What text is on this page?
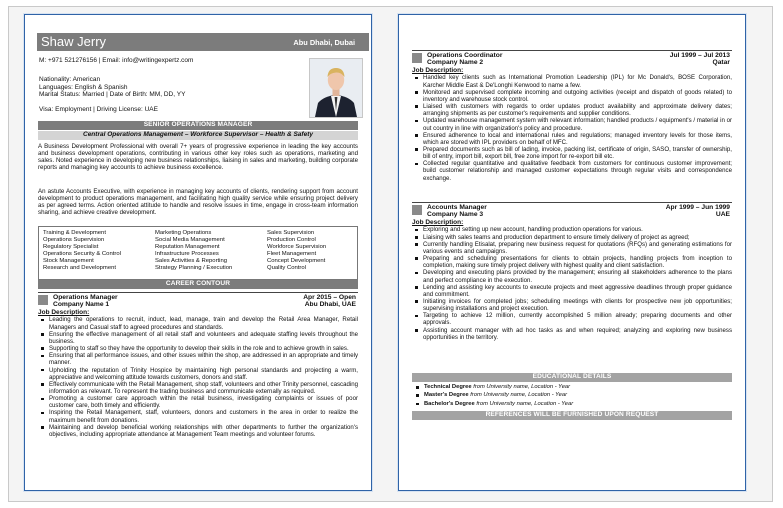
Shaw Jerry	Abu Dhabi, Dubai
M: +971 521276156 | Email: info@writingexpertz.com
Nationality: American
Languages: English & Spanish
Marital Status: Married | Date of Birth: MM, DD, YY
Visa: Employment | Driving License: UAE
SENIOR OPERATIONS MANAGER
Central Operations Management – Workforce Supervisor – Health & Safety
A Business Development Professional with overall 7+ years of progressive experience in leading the key accounts and business development operations, contributing in various other key roles such as operations, marketing and sales. Noted experience in developing new business relationships, liaising in sales and marketing, building corporate reports and managing key accounts to achieve business excellence.
An astute Accounts Executive, with experience in managing key accounts of clients, rendering support from account development to product operations management, and facilitating high quality service while ensuring project delivery as per agreed terms. Action oriented attitude to handle and resolve issues in time, engage in cross-team information sharing, and achieve creative development.
Training & Development
Operations Supervision
Regulatory Specialist
Operations Security & Control
Stock Management
Research and Development
Marketing Operations
Social Media Management
Reputation Management
Infrastructure Processes
Sales Activities & Reporting
Strategy Planning / Execution
Sales Supervision
Production Control
Workforce Supervision
Fleet Management
Concept Development
Quality Control
CAREER CONTOUR
Operations Manager
Company Name 1
Apr 2015 – Open
Abu Dhabi, UAE
Job Description:
Leading the operations to recruit, induct, lead, manage, train and develop the Retail Area Manager, Retail Managers and Casual staff to agreed procedures and standards.
Ensuring the effective management of all retail staff and volunteers and adequate staffing levels throughout the business.
Supporting to staff so they have the opportunity to develop their skills in the role and to achieve growth in sales.
Ensuring that all performance issues, and other issues within the shop, are addressed in an appropriate and timely manner.
Upholding the reputation of Trinity Hospice by maintaining high personal standards and projecting a warm, appreciative and welcoming attitude towards customers, donors and staff.
Effectively communicate with the Retail Management, shop staff, volunteers and other Trinity personnel, cascading information as relevant. To represent the trading business and communicate externally as required.
Promoting a customer care approach within the retail business, investigating complaints or issues of poor customer care, both timely and efficiently.
Inspiring the Retail Management, staff, volunteers, donors and customers in the area in order to realize the maximum benefit from donations.
Maintaining and develop beneficial working relationships with other departments to further the organization's objectives, including appropriate attendance at Management Team meetings and volunteer forums.
Operations Coordinator
Company Name 2
Jul 1999 – Jul 2013
Qatar
Job Description:
Handled key clients such as International Promotion Leadership (IPL) for Mc Donald's, BOSE Corporation, Karcher Middle East & De'Longhi Kenwood to name a few.
Monitored and supervised complete incoming and outgoing activities (receipt and dispatch of goods related) to inventory and warehouse stock control.
Liaised with customers with regards to order updates product availability and approximate delivery dates; arranging shipments as per customer's requirements and supplier conditions.
Updated warehouse management system with relevant information; handled products / equipment's / material in or out country in line with organization's policy and procedure.
Ensured adherence to local and international rules and regulations; managed inventory levels for those items, which are stored with IPL providers on behalf of MFC.
Prepared documents such as bill of lading, invoice, packing list, certificate of origin, SASO, transfer of ownership, bill of entry, import bill, export bill, free zone import for re-export bill etc.
Collected regular quantitative and qualitative feedback from customers for continuous customer improvement; build customer relationship and managed customer expectations through regular visits and correspondence exchange.
Accounts Manager
Company Name 3
Apr 1999 – Jun 1999
UAE
Job Description:
Exploring and setting up new account, handling production operations for various.
Liaising with sales teams and production department to ensure timely delivery of project as agreed;
Currently handling Etisalat, preparing new business request for quotations (RFQs) and generating estimations for various events and campaigns.
Preparing and scheduling presentations for clients to obtain projects, handling projects from inception to completion, making sure timely project delivery with highest quality and client satisfaction.
Developing and executing plans provided by the management; ensuring all stakeholders adherence to the plans and perfect compliance in the execution.
Lending and assisting key accounts to execute projects and meet aggressive deadlines through proper guidance and commitment.
Initiating invoices for completed jobs; scheduling meetings with clients for prospective new job opportunities; supervising installations and project execution.
Targeting to achieve 12 million, currently accomplished 5 million already; preparing documents and other approvals.
Assisting account manager with ad hoc tasks as and when required; analyzing and exploring new business opportunities in the territory.
EDUCATIONAL DETAILS
Technical Degree from University name, Location - Year
Master's Degree from University name, Location - Year
Bachelor's Degree from University name, Location - Year
REFERENCES WILL BE FURNISHED UPON REQUEST
